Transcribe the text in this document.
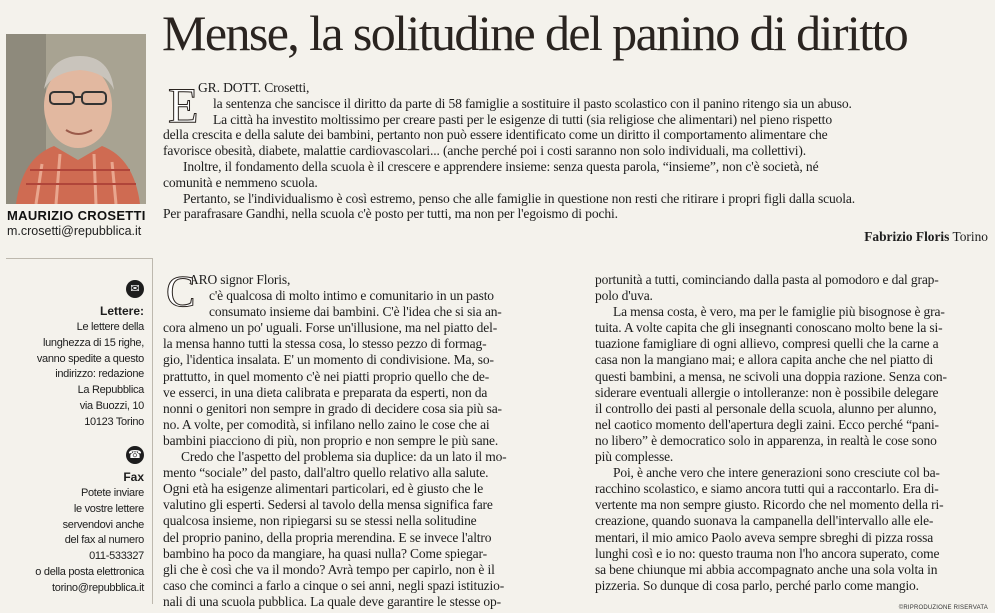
Mense, la solitudine del panino di diritto
MAURIZIO CROSETTI
m.crosetti@repubblica.it
✉
Lettere:
Le lettere della
lunghezza di 15 righe,
vanno spedite a questo
indirizzo: redazione
La Repubblica
via Buozzi, 10
10123 Torino
☎
Fax
Potete inviare
le vostre lettere
servendovi anche
del fax al numero
011-533327
o della posta elettronica
torino@repubblica.it
E GR. DOTT. Crosetti,

la sentenza che sancisce il diritto da parte di 58 famiglie a sostituire il pasto scolastico con il panino ritengo sia un abuso.

La città ha investito moltissimo per creare pasti per le esigenze di tutti (sia religiose che alimentari) nel pieno rispetto

della crescita e della salute dei bambini, pertanto non può essere identificato come un diritto il comportamento alimentare che

favorisce obesità, diabete, malattie cardiovascolari... (anche perché poi i costi saranno non solo individuali, ma collettivi).

Inoltre, il fondamento della scuola è il crescere e apprendere insieme: senza questa parola, “insieme”, non c'è società, né

comunità e nemmeno scuola.

Pertanto, se l'individualismo è così estremo, penso che alle famiglie in questione non resti che ritirare i propri figli dalla scuola.

Per parafrasare Gandhi, nella scuola c'è posto per tutti, ma non per l'egoismo di pochi.

Fabrizio Floris Torino
C

ARO signor Floris,

c'è qualcosa di molto intimo e comunitario in un pasto

consumato insieme dai bambini. C'è l'idea che si sia an-

cora almeno un po' uguali. Forse un'illusione, ma nel piatto del-

la mensa hanno tutti la stessa cosa, lo stesso pezzo di formag-

gio, l'identica insalata. E' un momento di condivisione. Ma, so-

prattutto, in quel momento c'è nei piatti proprio quello che de-

ve esserci, in una dieta calibrata e preparata da esperti, non da

nonni o genitori non sempre in grado di decidere cosa sia più sa-

no. A volte, per comodità, si infilano nello zaino le cose che ai

bambini piacciono di più, non proprio e non sempre le più sane.

Credo che l'aspetto del problema sia duplice: da un lato il mo-

mento “sociale” del pasto, dall'altro quello relativo alla salute.

Ogni età ha esigenze alimentari particolari, ed è giusto che le

valutino gli esperti. Sedersi al tavolo della mensa significa fare

qualcosa insieme, non ripiegarsi su se stessi nella solitudine

del proprio panino, della propria merendina. E se invece l'altro

bambino ha poco da mangiare, ha quasi nulla? Come spiegar-

gli che è così che va il mondo? Avrà tempo per capirlo, non è il

caso che cominci a farlo a cinque o sei anni, negli spazi istituzio-

nali di una scuola pubblica. La quale deve garantire le stesse op-

portunità a tutti, cominciando dalla pasta al pomodoro e dal grap-

polo d'uva.

La mensa costa, è vero, ma per le famiglie più bisognose è gra-

tuita. A volte capita che gli insegnanti conoscano molto bene la si-

tuazione famigliare di ogni allievo, compresi quelli che la carne a

casa non la mangiano mai; e allora capita anche che nel piatto di

questi bambini, a mensa, ne scivoli una doppia razione. Senza con-

siderare eventuali allergie o intolleranze: non è possibile delegare

il controllo dei pasti al personale della scuola, alunno per alunno,

nel caotico momento dell'apertura degli zaini. Ecco perché “pani-

no libero” è democratico solo in apparenza, in realtà le cose sono

più complesse.

Poi, è anche vero che intere generazioni sono cresciute col ba-

racchino scolastico, e siamo ancora tutti qui a raccontarlo. Era di-

vertente ma non sempre giusto. Ricordo che nel momento della ri-

creazione, quando suonava la campanella dell'intervallo alle ele-

mentari, il mio amico Paolo aveva sempre sbreghi di pizza rossa

lunghi così e io no: questo trauma non l'ho ancora superato, come

sa bene chiunque mi abbia accompagnato anche una sola volta in

pizzeria. So dunque di cosa parlo, perché parlo come mangio.

©RIPRODUZIONE RISERVATA
